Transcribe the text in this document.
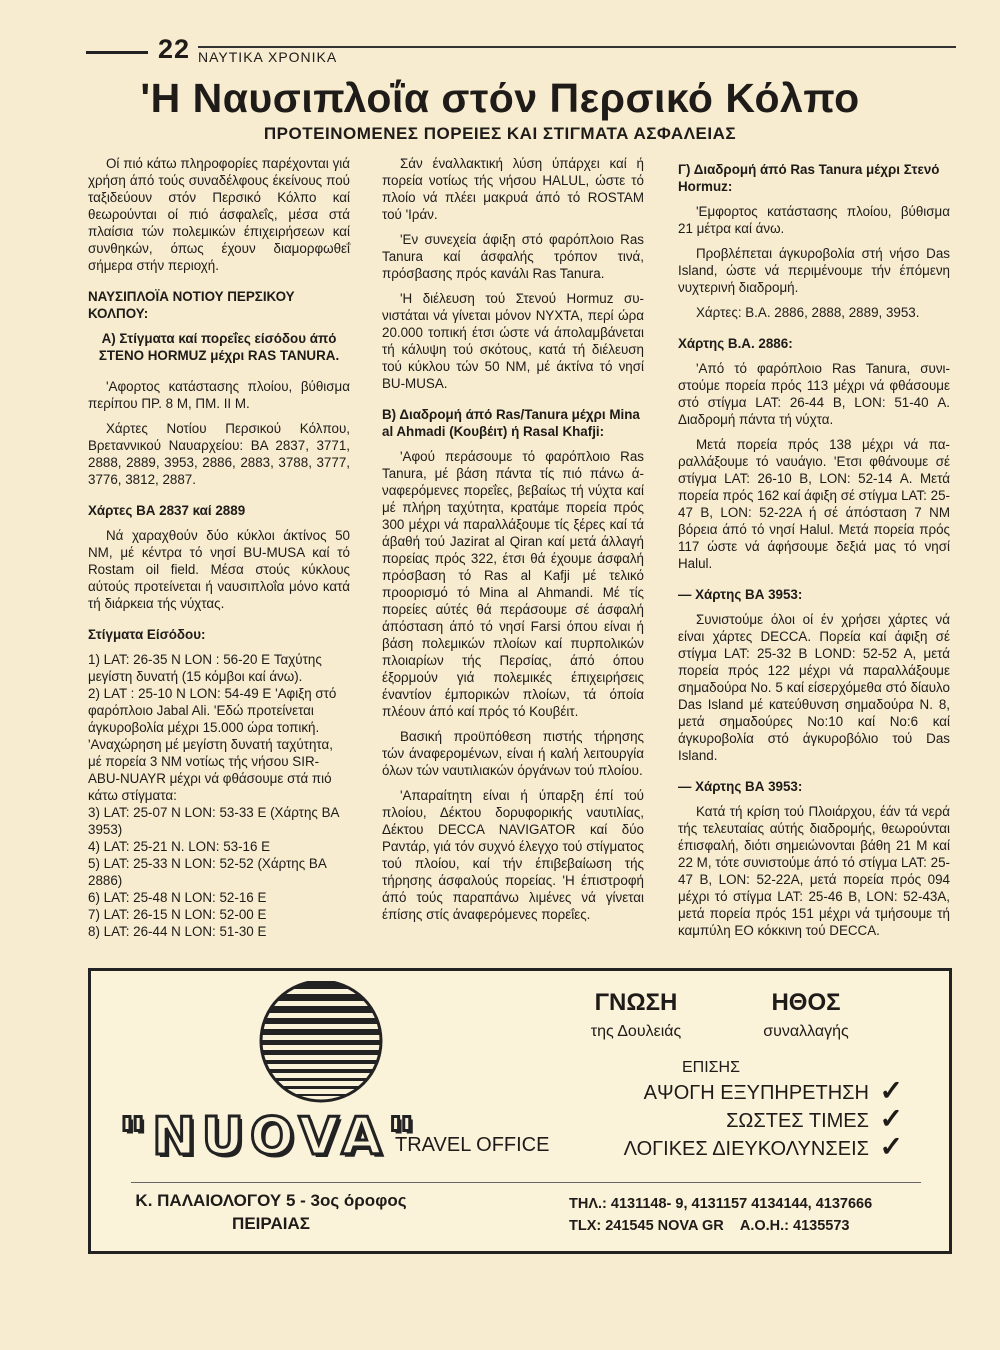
22 ΝΑΥΤΙΚΑ ΧΡΟΝΙΚΑ
'Η Ναυσιπλοΐα στόν Περσικό Κόλπο
ΠΡΟΤΕΙΝΟΜΕΝΕΣ ΠΟΡΕΙΕΣ ΚΑΙ ΣΤΙΓΜΑΤΑ ΑΣΦΑΛΕΙΑΣ

Οί πιό κάτω πληροφορίες παρέχονται γιά χρήση άπό τούς συναδέλφους έκείνους πού ταξιδεύουν στόν Περσικό Κόλπο καί θεωρούνται οί πιό άσφαλεΐς, μέσα στά πλαίσια τών πολεμικών έπιχειρήσεων καί συνθηκών, όπως έχουν διαμορφωθεΐ σήμερα στήν περιοχή.

ΝΑΥΣΙΠΛΟΪΑ ΝΟΤΙΟΥ ΠΕΡΣΙΚΟΥ ΚΟΛΠΟΥ:
Α) Στίγματα καί πορεΐες είσόδου άπό ΣΤΕΝΟ HORMUZ μέχρι RAS TANURA.

'Αφορτος κατάστασης πλοίου, βύθισμα περίπου ΠΡ. 8 Μ, ΠΜ. ΙΙ Μ.

Χάρτες Νοτίου Περσικού Κόλπου, Βρεταννικού Ναυαρχείου: ΒΑ 2837, 3771, 2888, 2889, 3953, 2886, 2883, 3788, 3777, 3776, 3812, 2887.

Χάρτες ΒΑ 2837 καί 2889

Νά χαραχθούν δύο κύκλοι άκτίνος 50 ΝΜ, μέ κέντρα τό νησί BU-MUSA καί τό Rostam oil field. Μέσα στούς κύκλους αύτούς προτείνεται ή ναυσιπλοΐα μόνο κατά τή διάρκεια τής νύχτας.

Στίγματα Είσόδου:
1) LAT: 26-35 N LON : 56-20 E Ταχύτης μεγίστη δυνατή (15 κόμβοι καί άνω).
2) LAT : 25-10 N LON: 54-49 E 'Αφιξη στό φαρόπλοιο Jabal Ali. 'Εδώ προτείνεται άγκυροβολία μέχρι 15.000 ώρα τοπική. 'Αναχώρηση μέ μεγίστη δυνατή ταχύτητα, μέ πορεία 3 ΝΜ νοτίως τής νήσου SIR-ABU-NUAYR μέχρι νά φθάσουμε στά πιό κάτω στίγματα:
3) LAT: 25-07 N LON: 53-33 E (Χάρτης ΒΑ 3953)
4) LAT: 25-21 N. LON: 53-16 E
5) LAT: 25-33 N LON: 52-52 (Χάρτης ΒΑ 2886)
6) LAT: 25-48 N LON: 52-16 E
7) LAT: 26-15 N LON: 52-00 E
8) LAT: 26-44 N LON: 51-30 E

Σάν έναλλακτική λύση ύπάρχει καί ή πορεία νοτίως τής νήσου HALUL, ώστε τό πλοίο νά πλέει μακρυά άπό τό ROSTAM τού 'Ιράν.

'Εν συνεχεία άφιξη στό φαρόπλοιο Ras Tanura καί άσφαλής τρόπον τινά, πρόσβασης πρός κανάλι Ras Tanura.

'Η διέλευση τού Στενού Hormuz συνιστάται νά γίνεται μόνον ΝΥΧΤΑ, περί ώρα 20.000 τοπική έτσι ώστε νά άπολαμβάνεται τή κάλυψη τού σκότους, κατά τή διέλευση τού κύκλου τών 50 ΝΜ, μέ άκτίνα τό νησί BU-MUSA.

Β) Διαδρομή άπό Ras/Tanura μέχρι Mina al Ahmadi (Κουβέιτ) ή Rasal Khafji:

'Αφού περάσουμε τό φαρόπλοιο Ras Tanura, μέ βάση πάντα τίς πιό πάνω άναφερόμενες πορεΐες, βεβαίως τή νύχτα καί μέ πλήρη ταχύτητα, κρατάμε πορεία πρός 300 μέχρι νά παραλλάξουμε τίς ξέρες καί τά άβαθή τού Jazirat al Qiran καί μετά άλλαγή πορείας πρός 322, έτσι θά έχουμε άσφαλή πρόσβαση τό Ras al Kafji μέ τελικό προορισμό τό Mina al Ahmandi. Μέ τίς πορείες αύτές θά περάσουμε σέ άσφαλή άπόσταση άπό τό νησί Farsi όπου είναι ή βάση πολεμικών πλοίων καί πυρπολικών πλοιαρίων τής Περσίας, άπό όπου έξορμούν γιά πολεμικές έπιχειρήσεις έναντίον έμπορικών πλοίων, τά όποία πλέουν άπό καί πρός τό Κουβέιτ.

Βασική προϋπόθεση πιστής τήρησης τών άναφερομένων, είναι ή καλή λειτουργία όλων τών ναυτιλιακών όργάνων τού πλοίου.

'Απαραίτητη είναι ή ύπαρξη έπί τού πλοίου, Δέκτου δορυφορικής ναυτιλίας, Δέκτου DECCA NAVIGATOR καί δύο Ραντάρ, γιά τόν συχνό έλεγχο τού στίγματος τού πλοίου, καί τήν έπιβεβαίωση τής τήρησης άσφαλούς πορείας. 'Η έπιστροφή άπό τούς παραπάνω λιμένες νά γίνεται έπίσης στίς άναφερόμενες πορεΐες.

Γ) Διαδρομή άπό Ras Tanura μέχρι Στενό Hormuz:

'Εμφορτος κατάστασης πλοίου, βύθισμα 21 μέτρα καί άνω.

Προβλέπεται άγκυροβολία στή νήσο Das Island, ώστε νά περιμένουμε τήν έπόμενη νυχτερινή διαδρομή.

Χάρτες: Β.Α. 2886, 2888, 2889, 3953.

Χάρτης Β.Α. 2886:

'Από τό φαρόπλοιο Ras Tanura, συνιστούμε πορεία πρός 113 μέχρι νά φθάσουμε στό στίγμα LAT: 26-44 Β, LON: 51-40 Α. Διαδρομή πάντα τή νύχτα.

Μετά πορεία πρός 138 μέχρι νά παραλλάξουμε τό ναυάγιο. 'Ετσι φθάνουμε σέ στίγμα LAT: 26-10 Β, LON: 52-14 Α. Μετά πορεία πρός 162 καί άφιξη σέ στίγμα LAT: 25-47 Β, LON: 52-22Α ή σέ άπόσταση 7 ΝΜ βόρεια άπό τό νησί Halul. Μετά πορεία πρός 117 ώστε νά άφήσουμε δεξιά μας τό νησί Halul.

— Χάρτης ΒΑ 3953:

Συνιστούμε όλοι οί έν χρήσει χάρτες νά είναι χάρτες DECCA. Πορεία καί άφιξη σέ στίγμα LAT: 25-32 B LOND: 52-52 A, μετά πορεία πρός 122 μέχρι νά παραλλάξουμε σημαδούρα No. 5 καί είσερχόμεθα στό δίαυλο Das Island μέ κατεύθυνση σημαδούρα Ν. 8, μετά σημαδούρες No:10 καί No:6 καί άγκυροβολία στό άγκυροβόλιο τού Das Island.

— Χάρτης ΒΑ 3953:

Κατά τή κρίση τού Πλοιάρχου, έάν τά νερά τής τελευταίας αύτής διαδρομής, θεωρούνται έπισφαλή, διότι σημειώνονται βάθη 21 Μ καί 22 Μ, τότε συνιστούμε άπό τό στίγμα LAT: 25-47 B, LON: 52-22A, μετά πορεία πρός 094 μέχρι τό στίγμα LAT: 25-46 B, LON: 52-43A, μετά πορεία πρός 151 μέχρι νά τμήσουμε τή καμπύλη ΕΟ κόκκινη τού DECCA.

"NUOVA"
TRAVEL OFFICE
ΓΝΩΣΗ
της Δουλειάς
ΗΘΟΣ
συναλλαγής
ΕΠΙΣΗΣ
ΑΨΟΓΗ ΕΞΥΠΗΡΕΤΗΣΗ ✓
ΣΩΣΤΕΣ ΤΙΜΕΣ ✓
ΛΟΓΙΚΕΣ ΔΙΕΥΚΟΛΥΝΣΕΙΣ ✓
Κ. ΠΑΛΑΙΟΛΟΓΟΥ 5 - 3ος όροφος
ΠΕΙΡΑΙΑΣ
ΤΗΛ.: 4131148- 9, 4131157 4134144, 4137666
TLX: 241545 NOVA GR Α.Ο.Η.: 4135573
